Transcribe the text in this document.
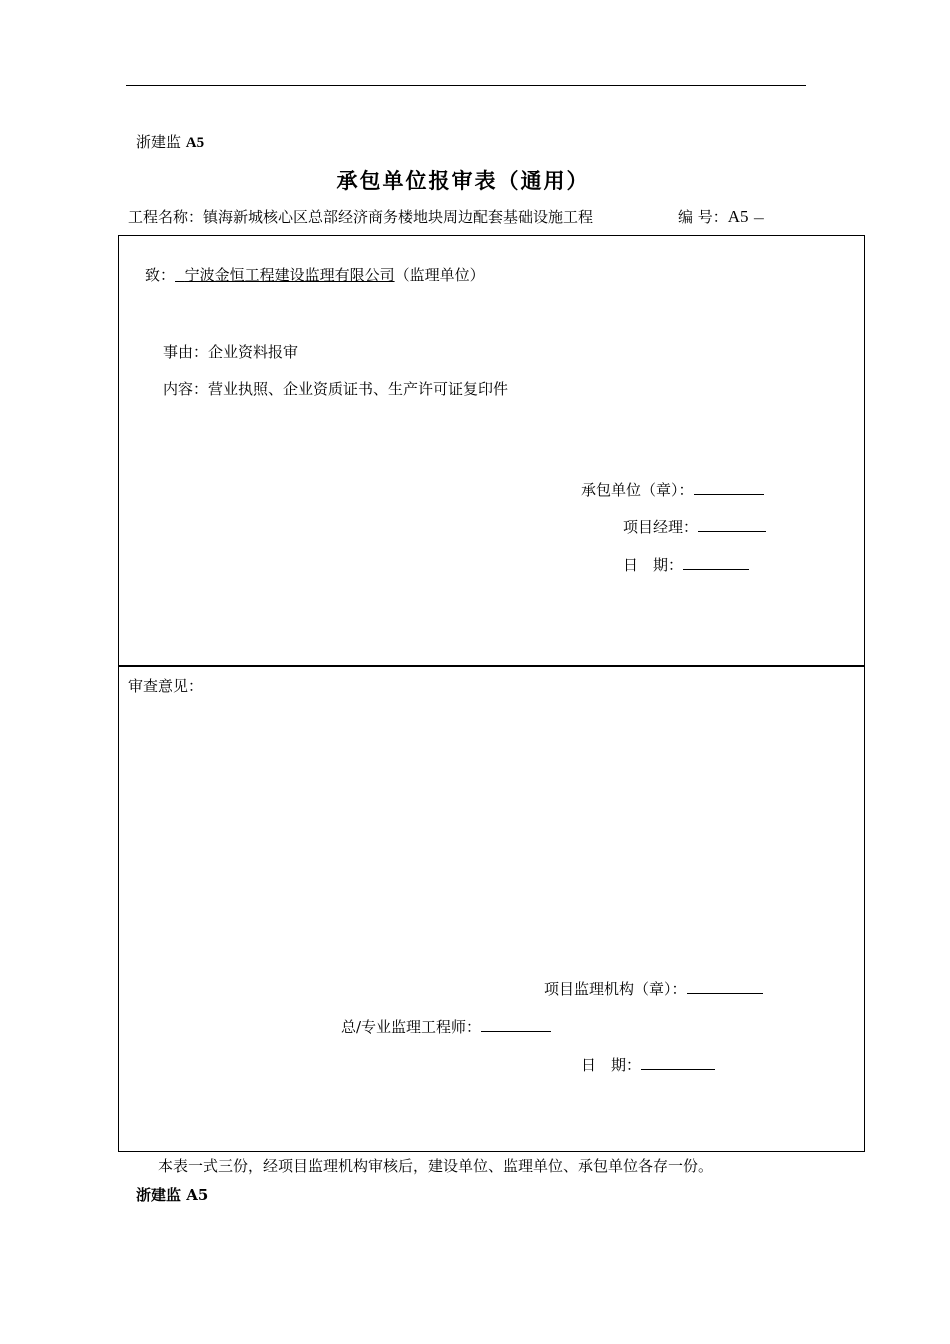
浙建监 A5
承包单位报审表（通用）
工程名称：镇海新城核心区总部经济商务楼地块周边配套基础设施工程	编 号：A5 —
致： 宁波金恒工程建设监理有限公司（监理单位）
事由：企业资料报审
内容：营业执照、企业资质证书、生产许可证复印件
承包单位（章）：
项目经理：
日　期：
审查意见：
项目监理机构（章）：
总/专业监理工程师：
日　期：
本表一式三份，经项目监理机构审核后，建设单位、监理单位、承包单位各存一份。
浙建监 A5
